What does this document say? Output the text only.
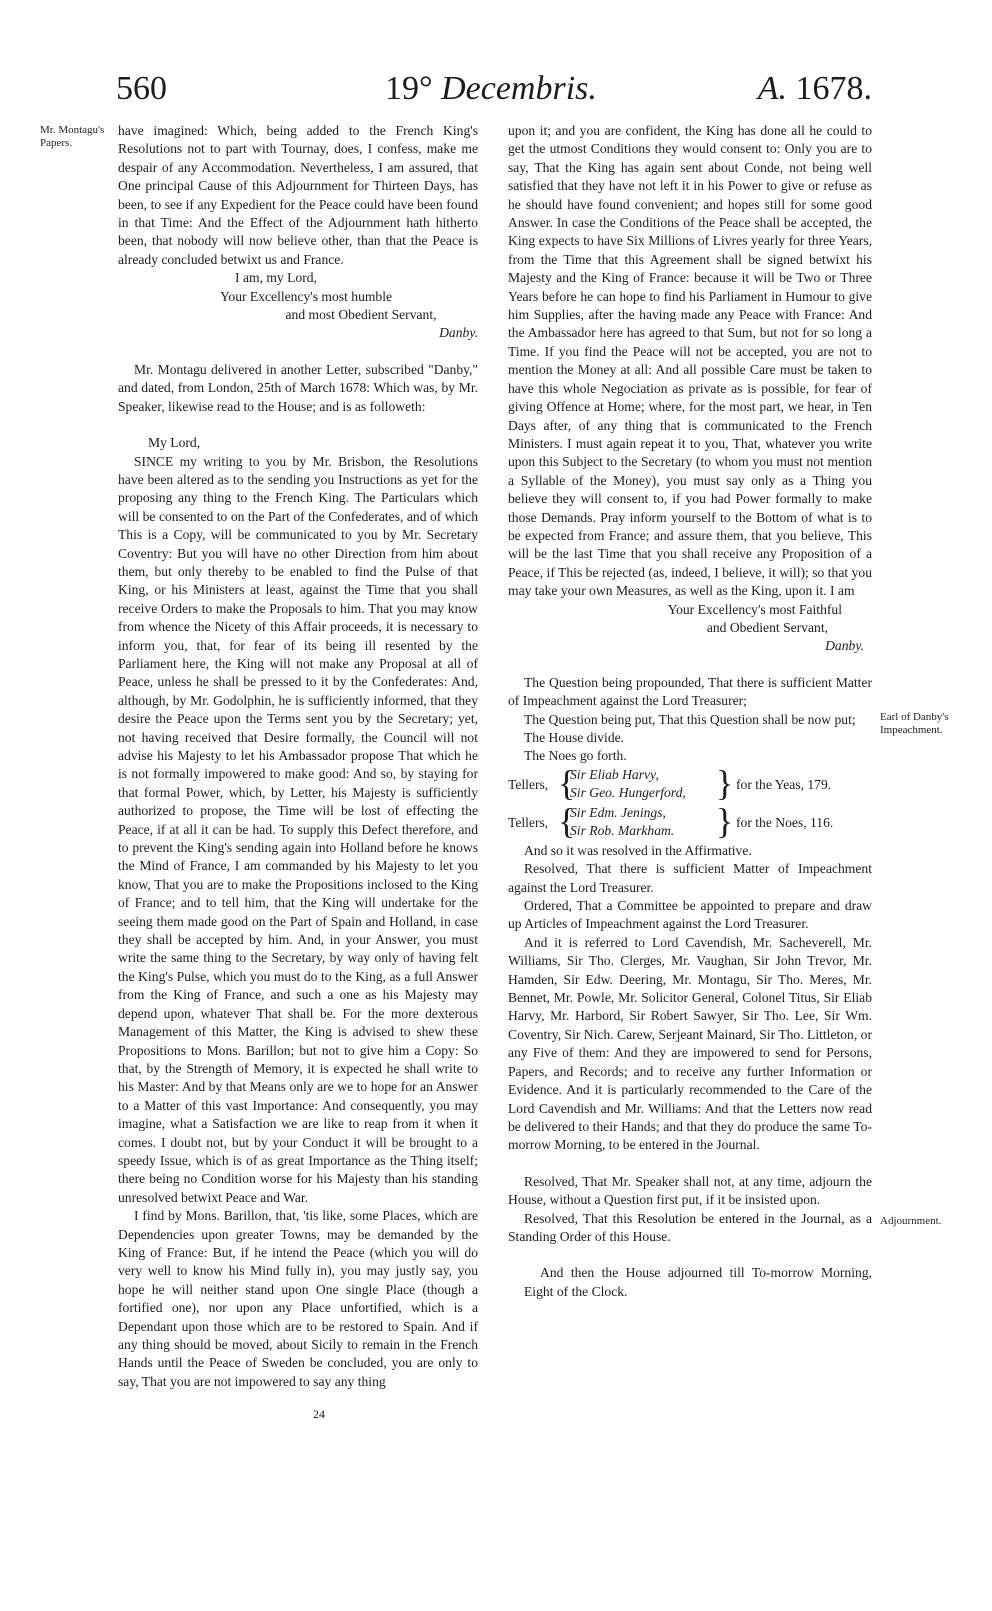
560	19° Decembris.	A. 1678.
Mr. Montagu's Papers.
Earl of Danby's Impeachment.
Adjournment.

have imagined: Which, being added to the French King's Resolutions not to part with Tournay, does, I confess, make me despair of any Accommodation. Nevertheless, I am assured, that One principal Cause of this Adjournment for Thirteen Days, has been, to see if any Expedient for the Peace could have been found in that Time: And the Effect of the Adjournment hath hitherto been, that nobody will now believe other, than that the Peace is already concluded betwixt us and France.

I am, my Lord,

Your Excellency's most humble

and most Obedient Servant,

Danby.

Mr. Montagu delivered in another Letter, subscribed "Danby," and dated, from London, 25th of March 1678: Which was, by Mr. Speaker, likewise read to the House; and is as followeth:

My Lord,

SINCE my writing to you by Mr. Brisbon, the Resolutions have been altered as to the sending you Instructions as yet for the proposing any thing to the French King. The Particulars which will be consented to on the Part of the Confederates, and of which This is a Copy, will be communicated to you by Mr. Secretary Coventry: But you will have no other Direction from him about them, but only thereby to be enabled to find the Pulse of that King, or his Ministers at least, against the Time that you shall receive Orders to make the Proposals to him. That you may know from whence the Nicety of this Affair proceeds, it is necessary to inform you, that, for fear of its being ill resented by the Parliament here, the King will not make any Proposal at all of Peace, unless he shall be pressed to it by the Confederates: And, although, by Mr. Godolphin, he is sufficiently informed, that they desire the Peace upon the Terms sent you by the Secretary; yet, not having received that Desire formally, the Council will not advise his Majesty to let his Ambassador propose That which he is not formally impowered to make good: And so, by staying for that formal Power, which, by Letter, his Majesty is sufficiently authorized to propose, the Time will be lost of effecting the Peace, if at all it can be had. To supply this Defect therefore, and to prevent the King's sending again into Holland before he knows the Mind of France, I am commanded by his Majesty to let you know, That you are to make the Propositions inclosed to the King of France; and to tell him, that the King will undertake for the seeing them made good on the Part of Spain and Holland, in case they shall be accepted by him. And, in your Answer, you must write the same thing to the Secretary, by way only of having felt the King's Pulse, which you must do to the King, as a full Answer from the King of France, and such a one as his Majesty may depend upon, whatever That shall be. For the more dexterous Management of this Matter, the King is advised to shew these Propositions to Mons. Barillon; but not to give him a Copy: So that, by the Strength of Memory, it is expected he shall write to his Master: And by that Means only are we to hope for an Answer to a Matter of this vast Importance: And consequently, you may imagine, what a Satisfaction we are like to reap from it when it comes. I doubt not, but by your Conduct it will be brought to a speedy Issue, which is of as great Importance as the Thing itself; there being no Condition worse for his Majesty than his standing unresolved betwixt Peace and War.

I find by Mons. Barillon, that, 'tis like, some Places, which are Dependencies upon greater Towns, may be demanded by the King of France: But, if he intend the Peace (which you will do very well to know his Mind fully in), you may justly say, you hope he will neither stand upon One single Place (though a fortified one), nor upon any Place unfortified, which is a Dependant upon those which are to be restored to Spain. And if any thing should be moved, about Sicily to remain in the French Hands until the Peace of Sweden be concluded, you are only to say, That you are not impowered to say any thing

24

upon it; and you are confident, the King has done all he could to get the utmost Conditions they would consent to: Only you are to say, That the King has again sent about Conde, not being well satisfied that they have not left it in his Power to give or refuse as he should have found convenient; and hopes still for some good Answer. In case the Conditions of the Peace shall be accepted, the King expects to have Six Millions of Livres yearly for three Years, from the Time that this Agreement shall be signed betwixt his Majesty and the King of France: because it will be Two or Three Years before he can hope to find his Parliament in Humour to give him Supplies, after the having made any Peace with France: And the Ambassador here has agreed to that Sum, but not for so long a Time. If you find the Peace will not be accepted, you are not to mention the Money at all: And all possible Care must be taken to have this whole Negociation as private as is possible, for fear of giving Offence at Home; where, for the most part, we hear, in Ten Days after, of any thing that is communicated to the French Ministers. I must again repeat it to you, That, whatever you write upon this Subject to the Secretary (to whom you must not mention a Syllable of the Money), you must say only as a Thing you believe they will consent to, if you had Power formally to make those Demands. Pray inform yourself to the Bottom of what is to be expected from France; and assure them, that you believe, This will be the last Time that you shall receive any Proposition of a Peace, if This be rejected (as, indeed, I believe, it will); so that you may take your own Measures, as well as the King, upon it. I am

Your Excellency's most Faithful

and Obedient Servant,

Danby.

The Question being propounded, That there is sufficient Matter of Impeachment against the Lord Treasurer;

The Question being put, That this Question shall be now put;

The House divide.

The Noes go forth.

Tellers, {
Sir Eliab Harvy,
Sir Geo. Hungerford, } for the Yeas, 179.
Tellers, {
Sir Edm. Jenings,
Sir Rob. Markham. } for the Noes, 116.

And so it was resolved in the Affirmative.

Resolved, That there is sufficient Matter of Impeachment against the Lord Treasurer.

Ordered, That a Committee be appointed to prepare and draw up Articles of Impeachment against the Lord Treasurer.

And it is referred to Lord Cavendish, Mr. Sacheverell, Mr. Williams, Sir Tho. Clerges, Mr. Vaughan, Sir John Trevor, Mr. Hamden, Sir Edw. Deering, Mr. Montagu, Sir Tho. Meres, Mr. Bennet, Mr. Powle, Mr. Solicitor General, Colonel Titus, Sir Eliab Harvy, Mr. Harbord, Sir Robert Sawyer, Sir Tho. Lee, Sir Wm. Coventry, Sir Nich. Carew, Serjeant Mainard, Sir Tho. Littleton, or any Five of them: And they are impowered to send for Persons, Papers, and Records; and to receive any further Information or Evidence. And it is particularly recommended to the Care of the Lord Cavendish and Mr. Williams: And that the Letters now read be delivered to their Hands; and that they do produce the same To-morrow Morning, to be entered in the Journal.

Resolved, That Mr. Speaker shall not, at any time, adjourn the House, without a Question first put, if it be insisted upon.

Resolved, That this Resolution be entered in the Journal, as a Standing Order of this House.

And then the House adjourned till To-morrow Morning, Eight of the Clock.
